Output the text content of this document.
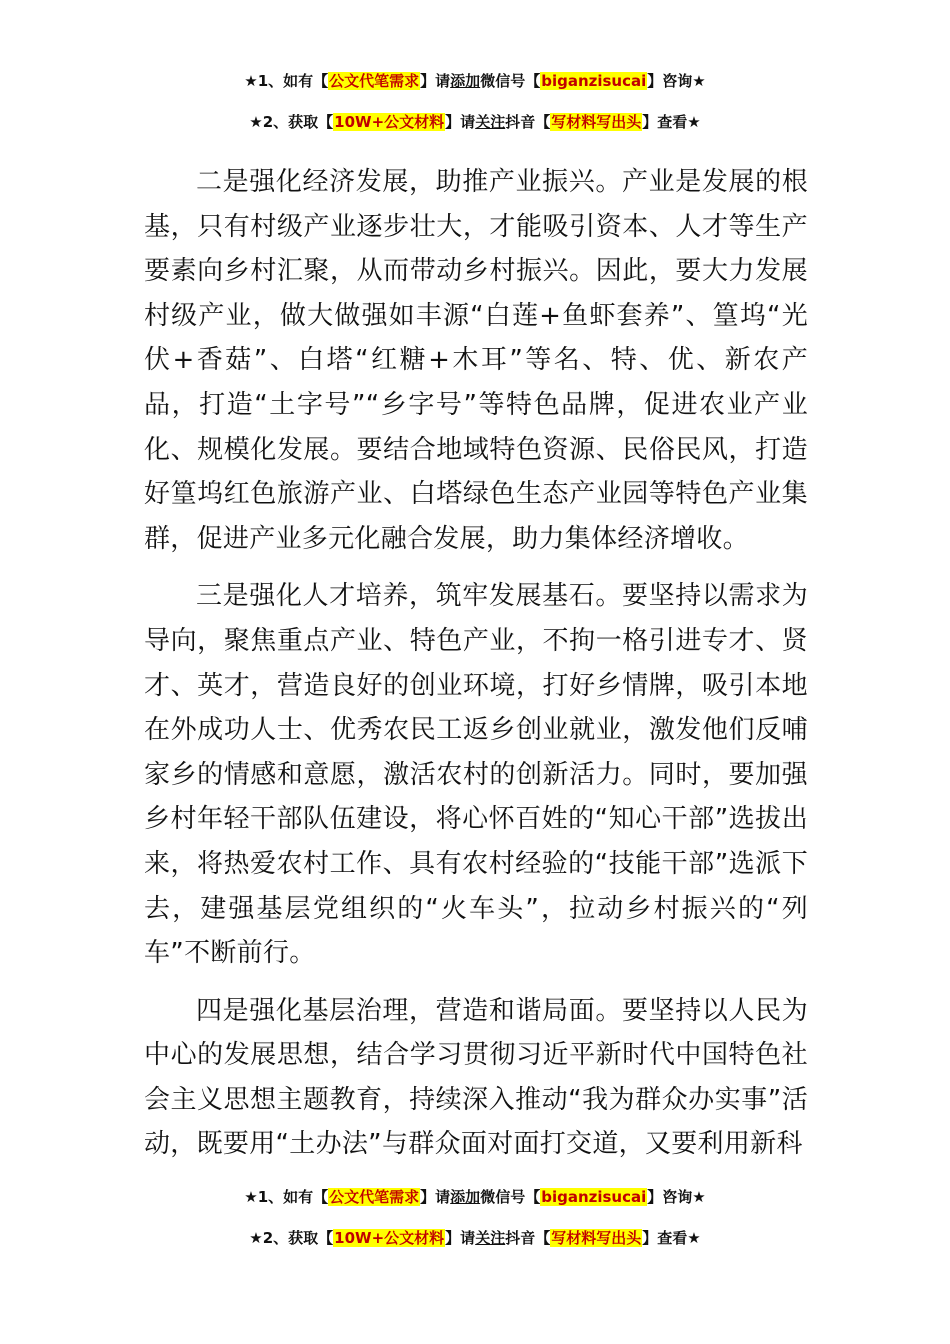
★1、如有【公文代笔需求】请添加微信号【biganzisucai】咨询★
★2、获取【10W+公文材料】请关注抖音【写材料写出头】查看★

二是强化经济发展，助推产业振兴。产业是发展的根基，只有村级产业逐步壮大，才能吸引资本、人才等生产要素向乡村汇聚，从而带动乡村振兴。因此，要大力发展村级产业，做大做强如丰源“白莲+鱼虾套养”、篁坞“光伏+香菇”、白塔“红糖+木耳”等名、特、优、新农产品，打造“土字号”“乡字号”等特色品牌，促进农业产业化、规模化发展。要结合地域特色资源、民俗民风，打造好篁坞红色旅游产业、白塔绿色生态产业园等特色产业集群，促进产业多元化融合发展，助力集体经济增收。

三是强化人才培养，筑牢发展基石。要坚持以需求为导向，聚焦重点产业、特色产业，不拘一格引进专才、贤才、英才，营造良好的创业环境，打好乡情牌，吸引本地在外成功人士、优秀农民工返乡创业就业，激发他们反哺家乡的情感和意愿，激活农村的创新活力。同时，要加强乡村年轻干部队伍建设，将心怀百姓的“知心干部”选拔出来，将热爱农村工作、具有农村经验的“技能干部”选派下去，建强基层党组织的“火车头”，拉动乡村振兴的“列车”不断前行。

四是强化基层治理，营造和谐局面。要坚持以人民为中心的发展思想，结合学习贯彻习近平新时代中国特色社会主义思想主题教育，持续深入推动“我为群众办实事”活动，既要用“土办法”与群众面对面打交道，又要利用新科

★1、如有【公文代笔需求】请添加微信号【biganzisucai】咨询★
★2、获取【10W+公文材料】请关注抖音【写材料写出头】查看★
